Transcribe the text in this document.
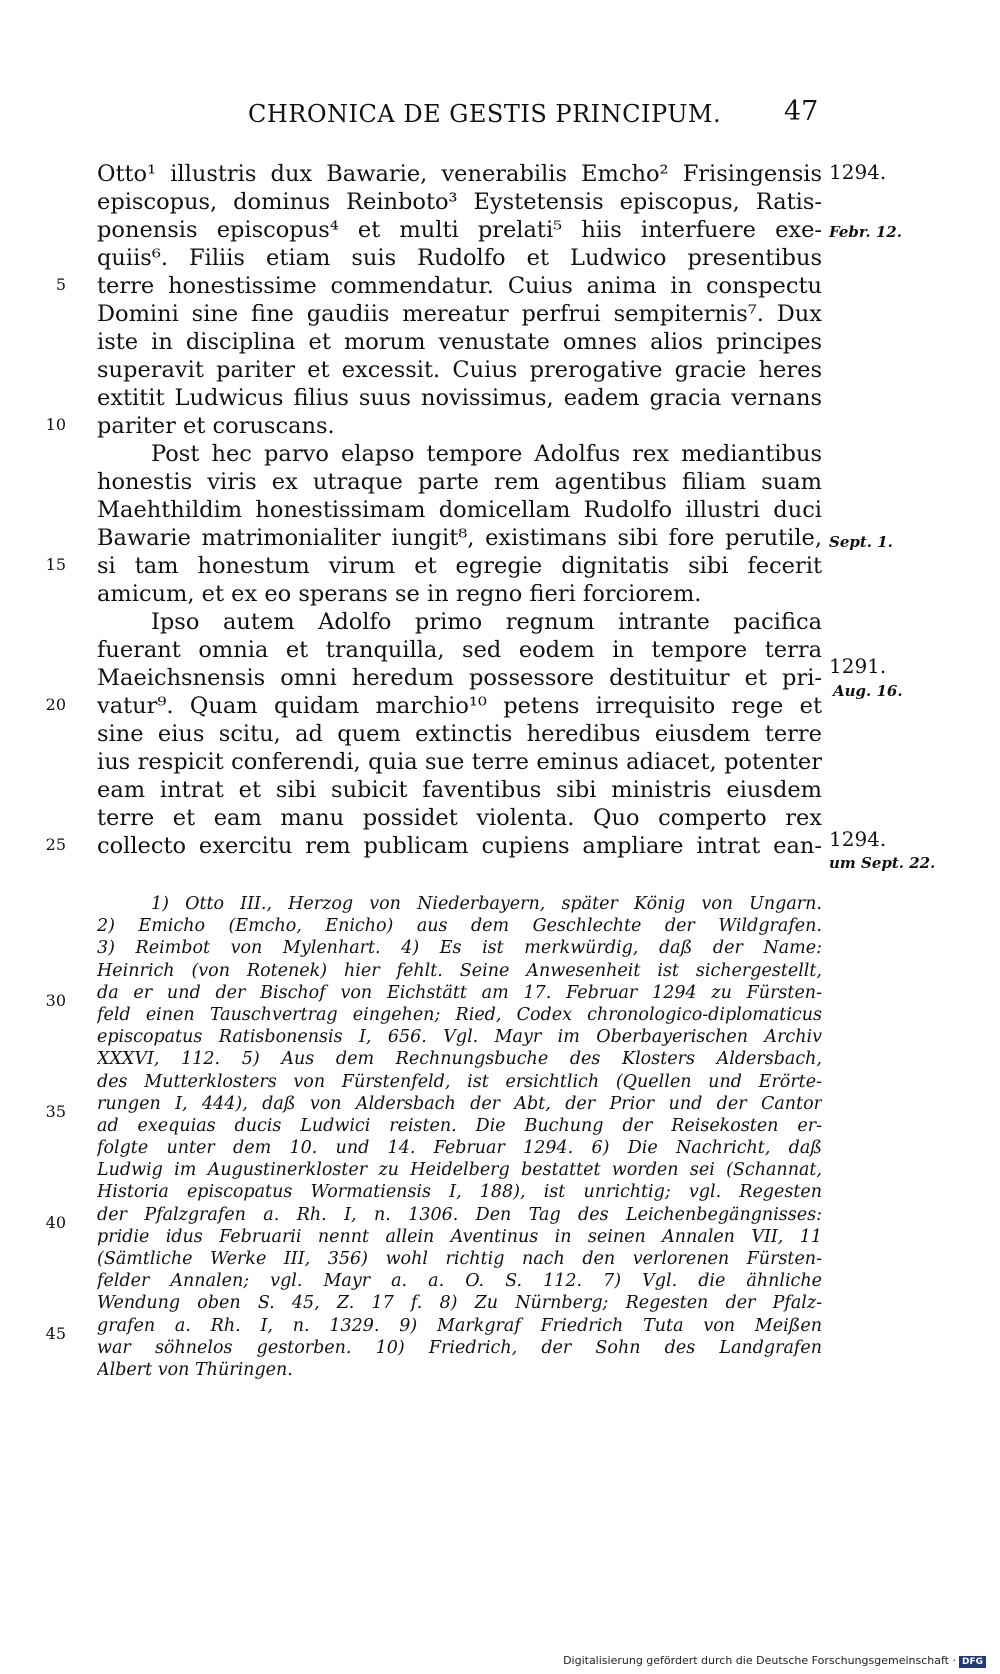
CHRONICA DE GESTIS PRINCIPUM. 47
Otto¹ illustris dux Bawarie, venerabilis Emcho² Frisingensis
episcopus, dominus Reinboto³ Eystetensis episcopus, Ratis-
ponensis episcopus⁴ et multi prelati⁵ hiis interfuere exe-
quiis⁶. Filiis etiam suis Rudolfo et Ludwico presentibus
terre honestissime commendatur. Cuius anima in conspectu
Domini sine fine gaudiis mereatur perfrui sempiternis⁷. Dux
iste in disciplina et morum venustate omnes alios principes
superavit pariter et excessit. Cuius prerogative gracie heres
extitit Ludwicus filius suus novissimus, eadem gracia vernans
pariter et coruscans.
Post hec parvo elapso tempore Adolfus rex mediantibus
honestis viris ex utraque parte rem agentibus filiam suam
Maehthildim honestissimam domicellam Rudolfo illustri duci
Bawarie matrimonialiter iungit⁸, existimans sibi fore perutile,
si tam honestum virum et egregie dignitatis sibi fecerit
amicum, et ex eo sperans se in regno fieri forciorem.
Ipso autem Adolfo primo regnum intrante pacifica
fuerant omnia et tranquilla, sed eodem in tempore terra
Maeichsnensis omni heredum possessore destituitur et pri-
vatur⁹. Quam quidam marchio¹⁰ petens irrequisito rege et
sine eius scitu, ad quem extinctis heredibus eiusdem terre
ius respicit conferendi, quia sue terre eminus adiacet, potenter
eam intrat et sibi subicit faventibus sibi ministris eiusdem
terre et eam manu possidet violenta. Quo comperto rex
collecto exercitu rem publicam cupiens ampliare intrat ean-
5
10
15
20
25
1294.
Febr. 12.
Sept. 1.
1291.
Aug. 16.
1294.
um Sept. 22.
1) Otto III., Herzog von Niederbayern, später König von Ungarn.
2) Emicho (Emcho, Enicho) aus dem Geschlechte der Wildgrafen.
3) Reimbot von Mylenhart. 4) Es ist merkwürdig, daß der Name:
Heinrich (von Rotenek) hier fehlt. Seine Anwesenheit ist sichergestellt,
da er und der Bischof von Eichstätt am 17. Februar 1294 zu Fürsten-
feld einen Tauschvertrag eingehen; Ried, Codex chronologico-diplomaticus
episcopatus Ratisbonensis I, 656. Vgl. Mayr im Oberbayerischen Archiv
XXXVI, 112. 5) Aus dem Rechnungsbuche des Klosters Aldersbach,
des Mutterklosters von Fürstenfeld, ist ersichtlich (Quellen und Erörte-
rungen I, 444), daß von Aldersbach der Abt, der Prior und der Cantor
ad exequias ducis Ludwici reisten. Die Buchung der Reisekosten er-
folgte unter dem 10. und 14. Februar 1294. 6) Die Nachricht, daß
Ludwig im Augustinerkloster zu Heidelberg bestattet worden sei (Schannat,
Historia episcopatus Wormatiensis I, 188), ist unrichtig; vgl. Regesten
der Pfalzgrafen a. Rh. I, n. 1306. Den Tag des Leichenbegängnisses:
pridie idus Februarii nennt allein Aventinus in seinen Annalen VII, 11
(Sämtliche Werke III, 356) wohl richtig nach den verlorenen Fürsten-
felder Annalen; vgl. Mayr a. a. O. S. 112. 7) Vgl. die ähnliche
Wendung oben S. 45, Z. 17 f. 8) Zu Nürnberg; Regesten der Pfalz-
grafen a. Rh. I, n. 1329. 9) Markgraf Friedrich Tuta von Meißen
war söhnelos gestorben. 10) Friedrich, der Sohn des Landgrafen
Albert von Thüringen.
30
35
40
45
Digitalisierung gefördert durch die Deutsche Forschungsgemeinschaft · DFG
